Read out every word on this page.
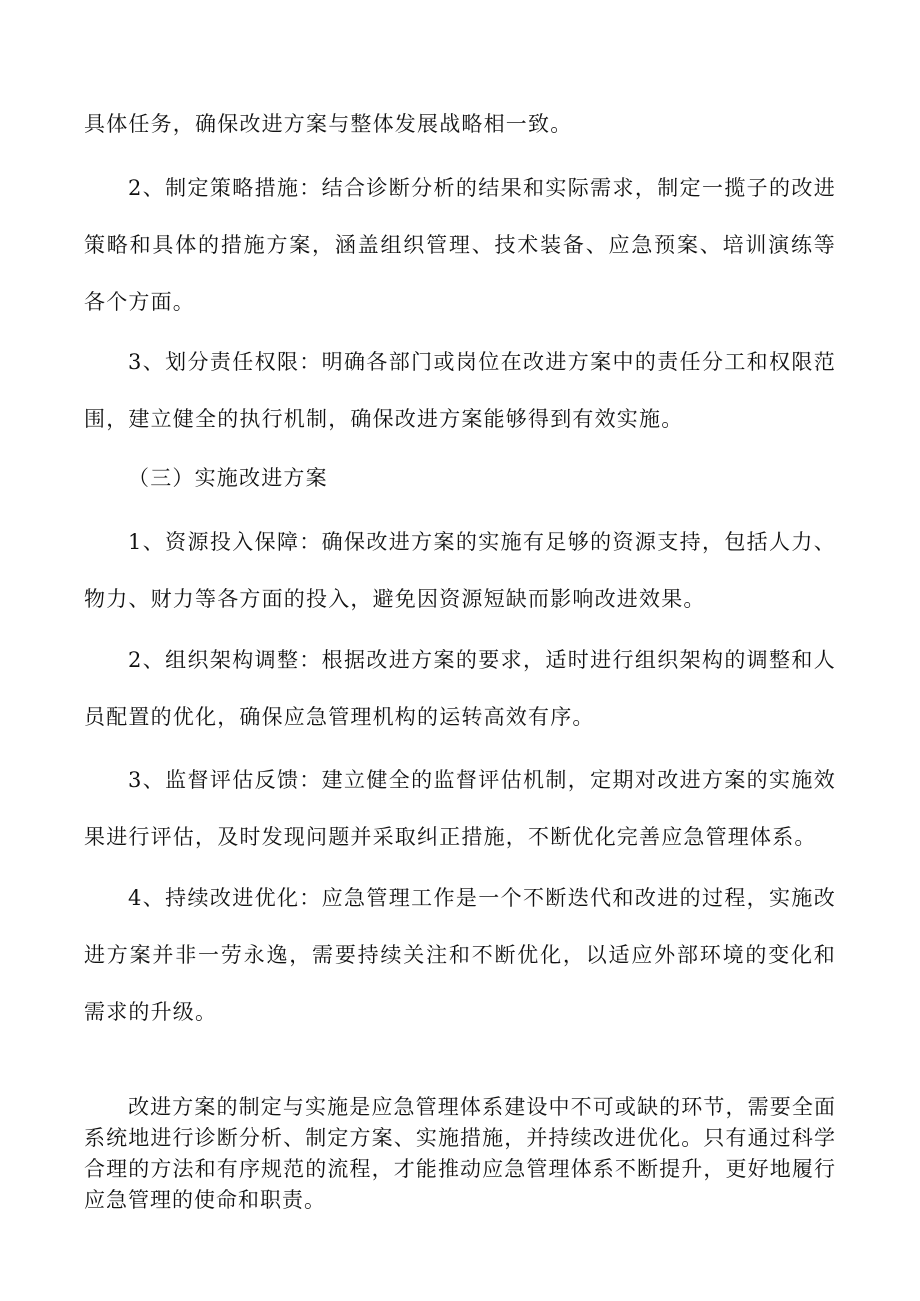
具体任务，确保改进方案与整体发展战略相一致。

2、制定策略措施：结合诊断分析的结果和实际需求，制定一揽子的改进策略和具体的措施方案，涵盖组织管理、技术装备、应急预案、培训演练等各个方面。

3、划分责任权限：明确各部门或岗位在改进方案中的责任分工和权限范围，建立健全的执行机制，确保改进方案能够得到有效实施。

（三）实施改进方案

1、资源投入保障：确保改进方案的实施有足够的资源支持，包括人力、物力、财力等各方面的投入，避免因资源短缺而影响改进效果。

2、组织架构调整：根据改进方案的要求，适时进行组织架构的调整和人员配置的优化，确保应急管理机构的运转高效有序。

3、监督评估反馈：建立健全的监督评估机制，定期对改进方案的实施效果进行评估，及时发现问题并采取纠正措施，不断优化完善应急管理体系。

4、持续改进优化：应急管理工作是一个不断迭代和改进的过程，实施改进方案并非一劳永逸，需要持续关注和不断优化，以适应外部环境的变化和需求的升级。

改进方案的制定与实施是应急管理体系建设中不可或缺的环节，需要全面系统地进行诊断分析、制定方案、实施措施，并持续改进优化。只有通过科学合理的方法和有序规范的流程，才能推动应急管理体系不断提升，更好地履行应急管理的使命和职责。
